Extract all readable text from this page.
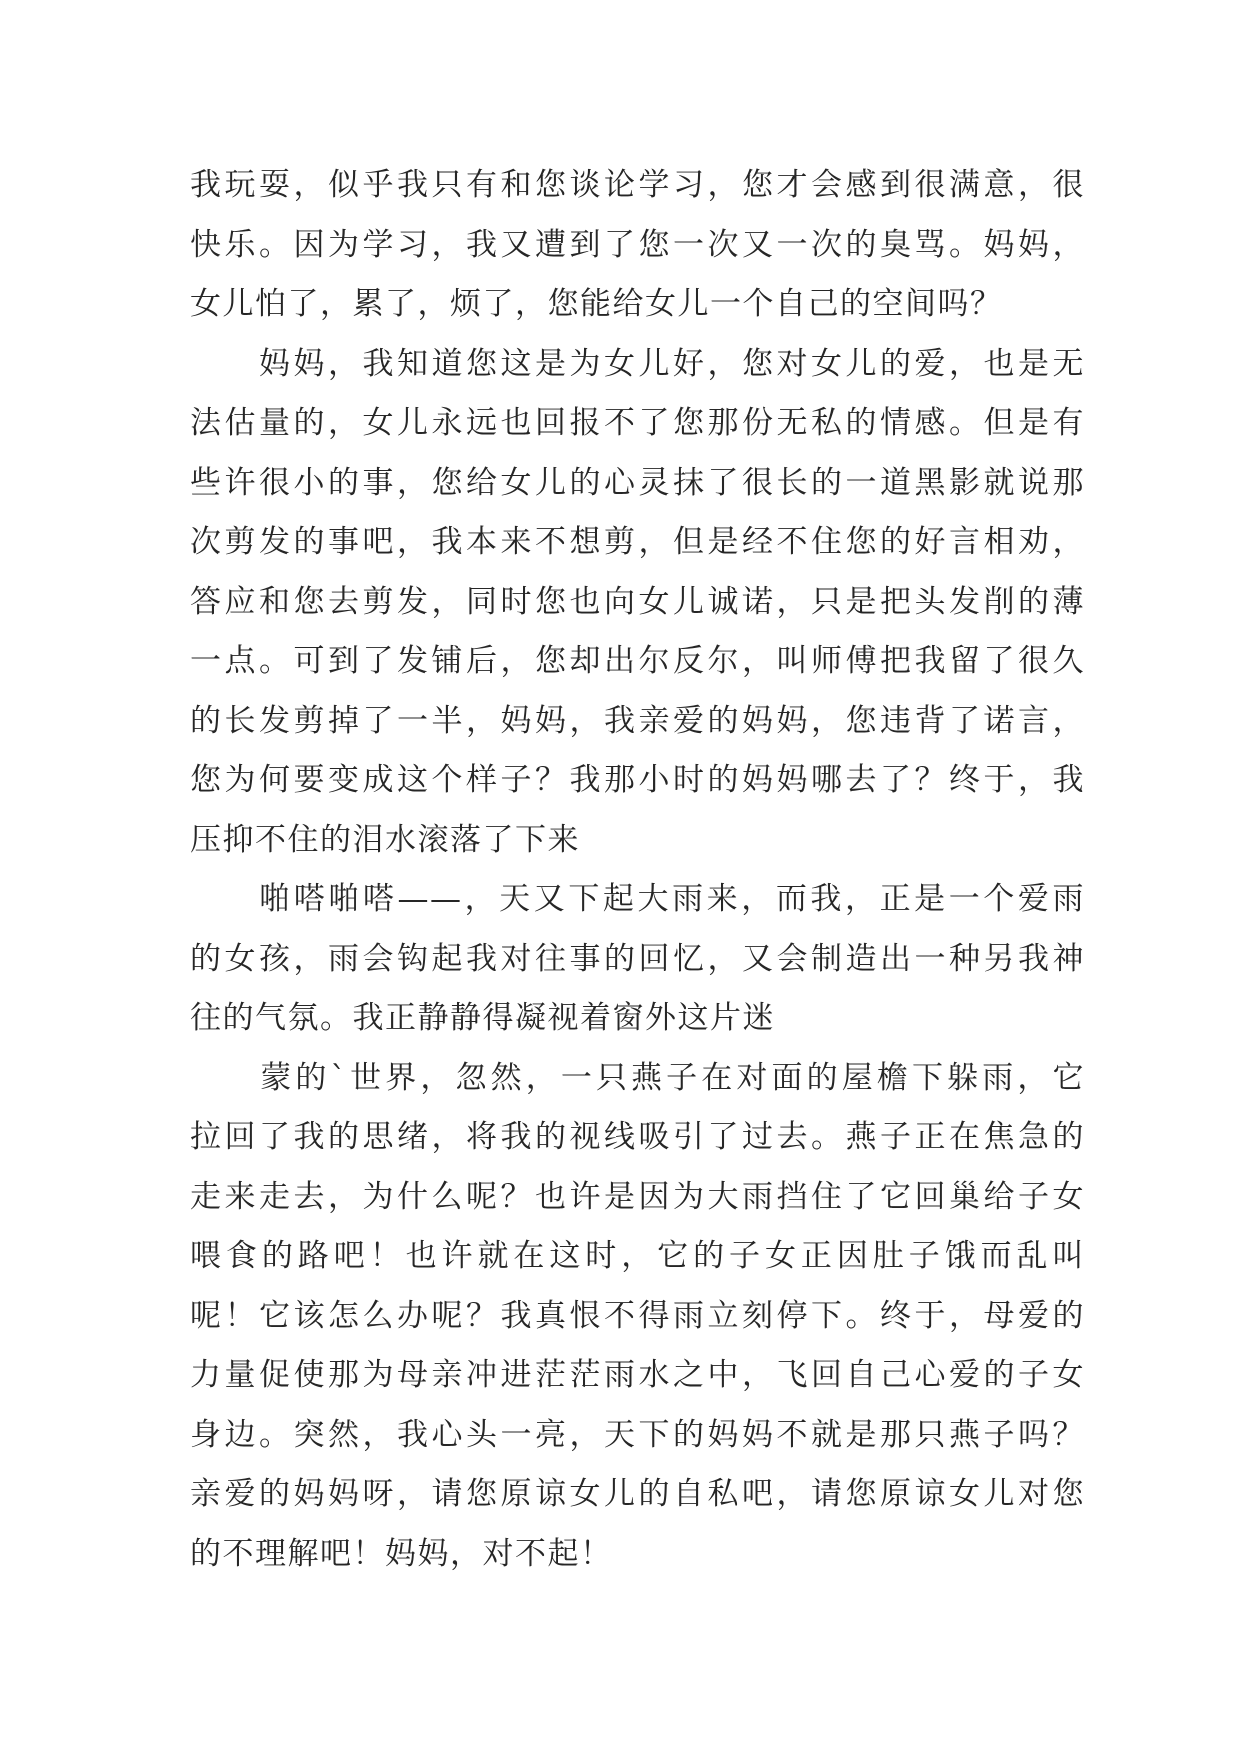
我玩耍，似乎我只有和您谈论学习，您才会感到很满意，很
快乐。因为学习，我又遭到了您一次又一次的臭骂。妈妈，
女儿怕了，累了，烦了，您能给女儿一个自己的空间吗？
　　妈妈，我知道您这是为女儿好，您对女儿的爱，也是无
法估量的，女儿永远也回报不了您那份无私的情感。但是有
些许很小的事，您给女儿的心灵抹了很长的一道黑影就说那
次剪发的事吧，我本来不想剪，但是经不住您的好言相劝，
答应和您去剪发，同时您也向女儿诚诺，只是把头发削的薄
一点。可到了发铺后，您却出尔反尔，叫师傅把我留了很久
的长发剪掉了一半，妈妈，我亲爱的妈妈，您违背了诺言，
您为何要变成这个样子？我那小时的妈妈哪去了？终于，我
压抑不住的泪水滚落了下来
　　啪嗒啪嗒——，天又下起大雨来，而我，正是一个爱雨
的女孩，雨会钩起我对往事的回忆，又会制造出一种另我神
往的气氛。我正静静得凝视着窗外这片迷
　　蒙的`世界，忽然，一只燕子在对面的屋檐下躲雨，它
拉回了我的思绪，将我的视线吸引了过去。燕子正在焦急的
走来走去，为什么呢？也许是因为大雨挡住了它回巢给子女
喂食的路吧！也许就在这时，它的子女正因肚子饿而乱叫
呢！它该怎么办呢？我真恨不得雨立刻停下。终于，母爱的
力量促使那为母亲冲进茫茫雨水之中，飞回自己心爱的子女
身边。突然，我心头一亮，天下的妈妈不就是那只燕子吗？
亲爱的妈妈呀，请您原谅女儿的自私吧，请您原谅女儿对您
的不理解吧！妈妈，对不起！
